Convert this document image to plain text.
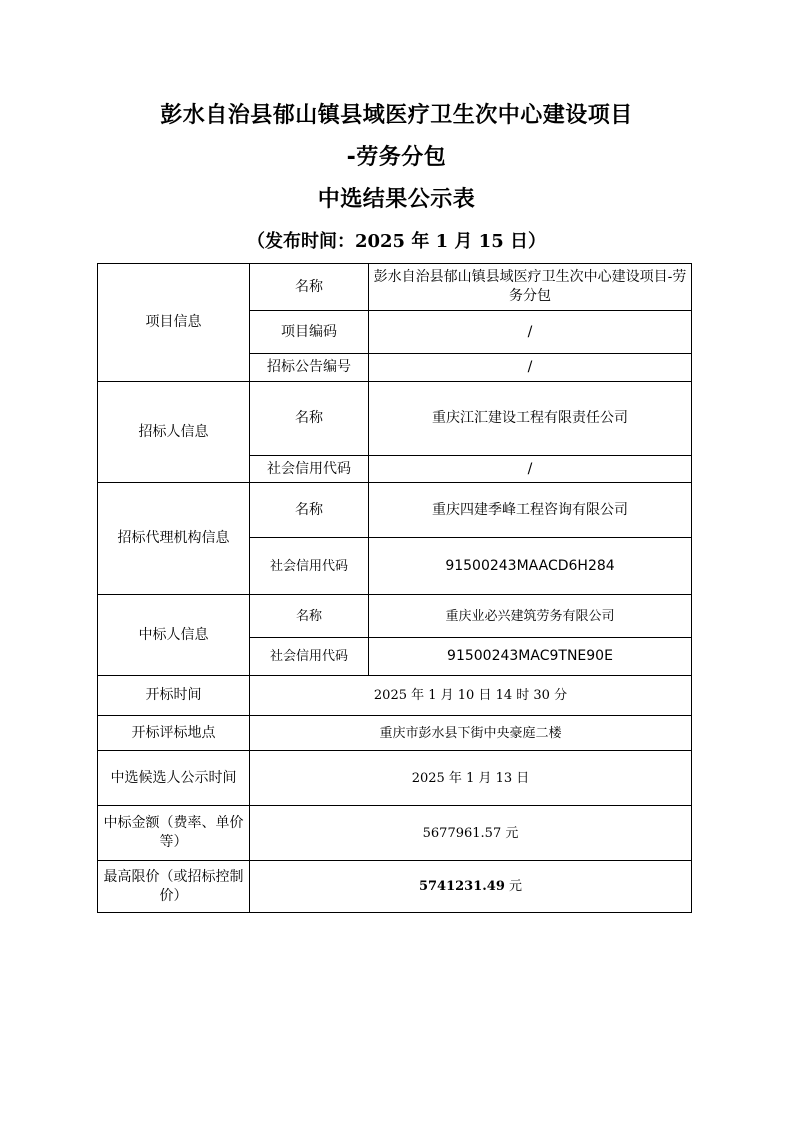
彭水自治县郁山镇县域医疗卫生次中心建设项目
-劳务分包
中选结果公示表
（发布时间：2025 年 1 月 15 日）
项目信息	名称	彭水自治县郁山镇县域医疗卫生次中心建设项目-劳务分包
	项目编码	/
	招标公告编号	/
招标人信息	名称	重庆江汇建设工程有限责任公司
	社会信用代码	/
招标代理机构信息	名称	重庆四建季峰工程咨询有限公司
	社会信用代码	91500243MAACD6H284
中标人信息	名称	重庆业必兴建筑劳务有限公司
	社会信用代码	91500243MAC9TNE90E
开标时间	2025 年 1 月 10 日 14 时 30 分	
开标评标地点	重庆市彭水县下街中央豪庭二楼	
中选候选人公示时间	2025 年 1 月 13 日	
中标金额（费率、单价等）	5677961.57 元	
最高限价（或招标控制价）	5741231.49 元	
